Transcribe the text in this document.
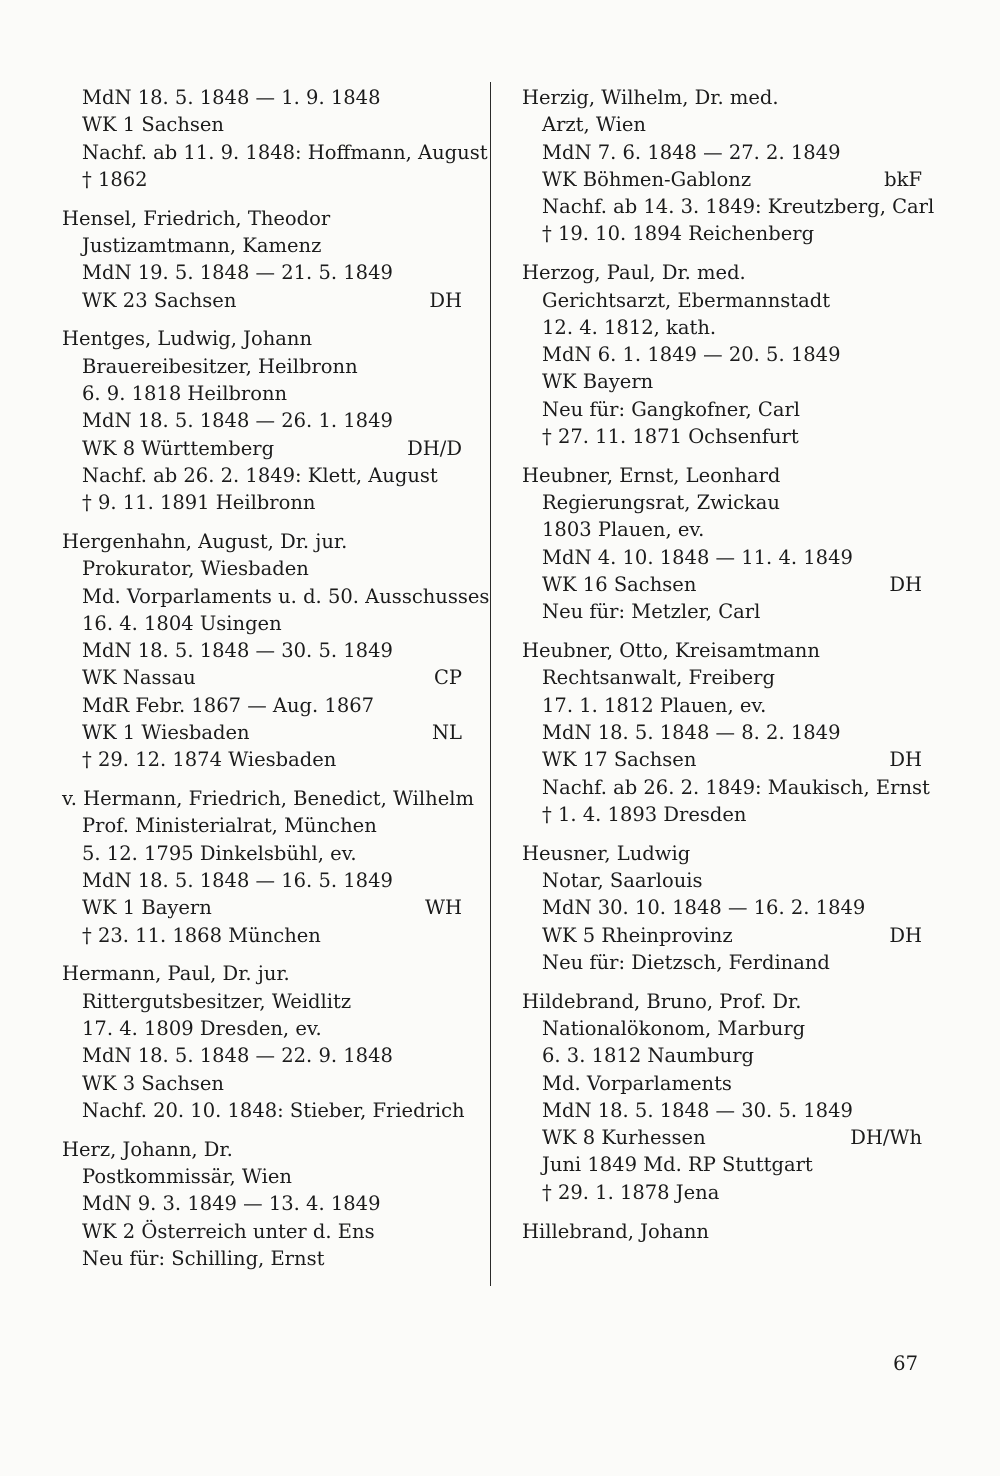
MdN 18. 5. 1848 — 1. 9. 1848
WK 1 Sachsen
Nachf. ab 11. 9. 1848: Hoffmann, August
† 1862
Hensel, Friedrich, Theodor
Justizamtmann, Kamenz
MdN 19. 5. 1848 — 21. 5. 1849
WK 23 Sachsen	DH
Hentges, Ludwig, Johann
Brauereibesitzer, Heilbronn
6. 9. 1818 Heilbronn
MdN 18. 5. 1848 — 26. 1. 1849
WK 8 Württemberg	DH/D
Nachf. ab 26. 2. 1849: Klett, August
† 9. 11. 1891 Heilbronn
Hergenhahn, August, Dr. jur.
Prokurator, Wiesbaden
Md. Vorparlaments u. d. 50. Ausschusses
16. 4. 1804 Usingen
MdN 18. 5. 1848 — 30. 5. 1849
WK Nassau	CP
MdR Febr. 1867 — Aug. 1867
WK 1 Wiesbaden	NL
† 29. 12. 1874 Wiesbaden
v. Hermann, Friedrich, Benedict, Wilhelm
Prof. Ministerialrat, München
5. 12. 1795 Dinkelsbühl, ev.
MdN 18. 5. 1848 — 16. 5. 1849
WK 1 Bayern	WH
† 23. 11. 1868 München
Hermann, Paul, Dr. jur.
Rittergutsbesitzer, Weidlitz
17. 4. 1809 Dresden, ev.
MdN 18. 5. 1848 — 22. 9. 1848
WK 3 Sachsen
Nachf. 20. 10. 1848: Stieber, Friedrich
Herz, Johann, Dr.
Postkommissär, Wien
MdN 9. 3. 1849 — 13. 4. 1849
WK 2 Österreich unter d. Ens
Neu für: Schilling, Ernst
Herzig, Wilhelm, Dr. med.
Arzt, Wien
MdN 7. 6. 1848 — 27. 2. 1849
WK Böhmen-Gablonz	bkF
Nachf. ab 14. 3. 1849: Kreutzberg, Carl
† 19. 10. 1894 Reichenberg
Herzog, Paul, Dr. med.
Gerichtsarzt, Ebermannstadt
12. 4. 1812, kath.
MdN 6. 1. 1849 — 20. 5. 1849
WK Bayern
Neu für: Gangkofner, Carl
† 27. 11. 1871 Ochsenfurt
Heubner, Ernst, Leonhard
Regierungsrat, Zwickau
1803 Plauen, ev.
MdN 4. 10. 1848 — 11. 4. 1849
WK 16 Sachsen	DH
Neu für: Metzler, Carl
Heubner, Otto, Kreisamtmann
Rechtsanwalt, Freiberg
17. 1. 1812 Plauen, ev.
MdN 18. 5. 1848 — 8. 2. 1849
WK 17 Sachsen	DH
Nachf. ab 26. 2. 1849: Maukisch, Ernst
† 1. 4. 1893 Dresden
Heusner, Ludwig
Notar, Saarlouis
MdN 30. 10. 1848 — 16. 2. 1849
WK 5 Rheinprovinz	DH
Neu für: Dietzsch, Ferdinand
Hildebrand, Bruno, Prof. Dr.
Nationalökonom, Marburg
6. 3. 1812 Naumburg
Md. Vorparlaments
MdN 18. 5. 1848 — 30. 5. 1849
WK 8 Kurhessen	DH/Wh
Juni 1849 Md. RP Stuttgart
† 29. 1. 1878 Jena
Hillebrand, Johann
67
